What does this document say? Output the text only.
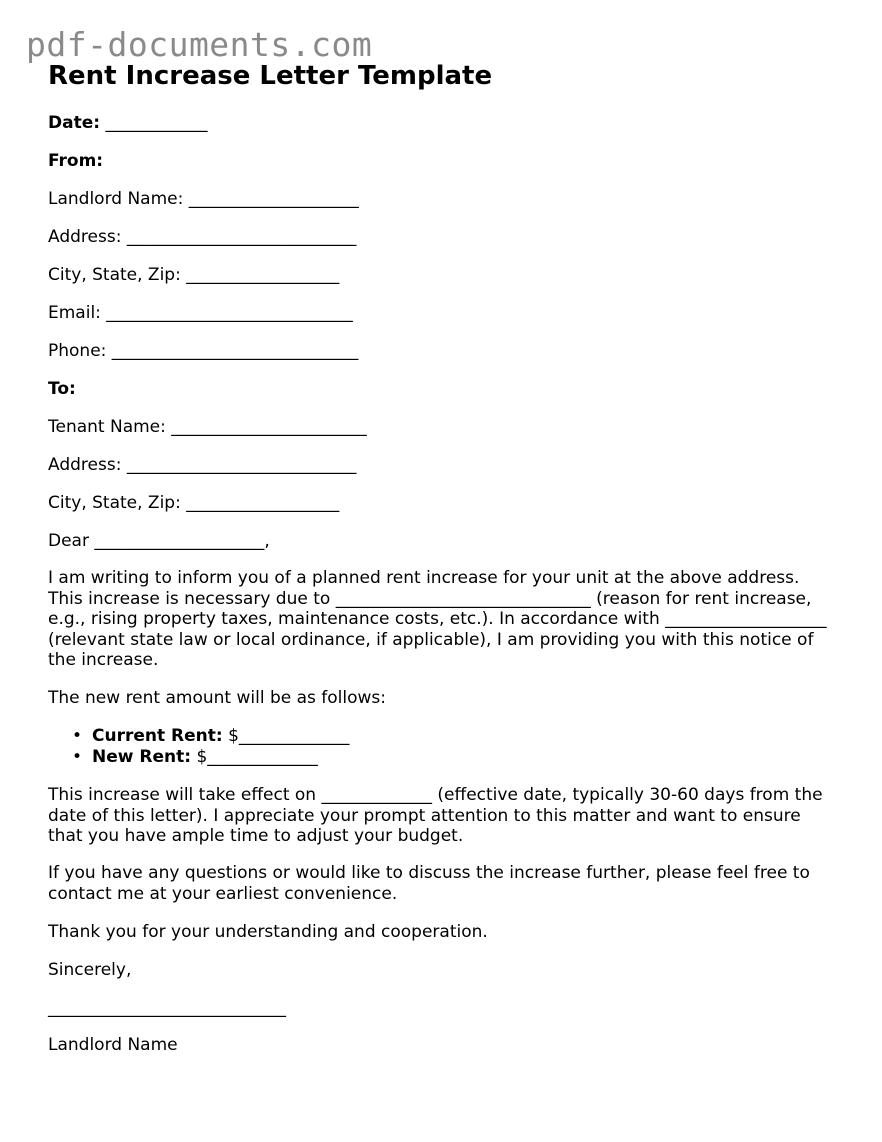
pdf-documents.com
Rent Increase Letter Template
Date: ____________
From:
Landlord Name: ____________________
Address: ___________________________
City, State, Zip: __________________
Email: _____________________________
Phone: _____________________________
To:
Tenant Name: _______________________
Address: ___________________________
City, State, Zip: __________________
Dear ____________________,

I am writing to inform you of a planned rent increase for your unit at the above address. This increase is necessary due to ______________________________ (reason for rent increase, e.g., rising property taxes, maintenance costs, etc.). In accordance with ___________________ (relevant state law or local ordinance, if applicable), I am providing you with this notice of the increase.

The new rent amount will be as follows:
• Current Rent: $_____________
• New Rent: $_____________

This increase will take effect on _____________ (effective date, typically 30-60 days from the date of this letter). I appreciate your prompt attention to this matter and want to ensure that you have ample time to adjust your budget.

If you have any questions or would like to discuss the increase further, please feel free to contact me at your earliest convenience.

Thank you for your understanding and cooperation.
Sincerely,
____________________________
Landlord Name
